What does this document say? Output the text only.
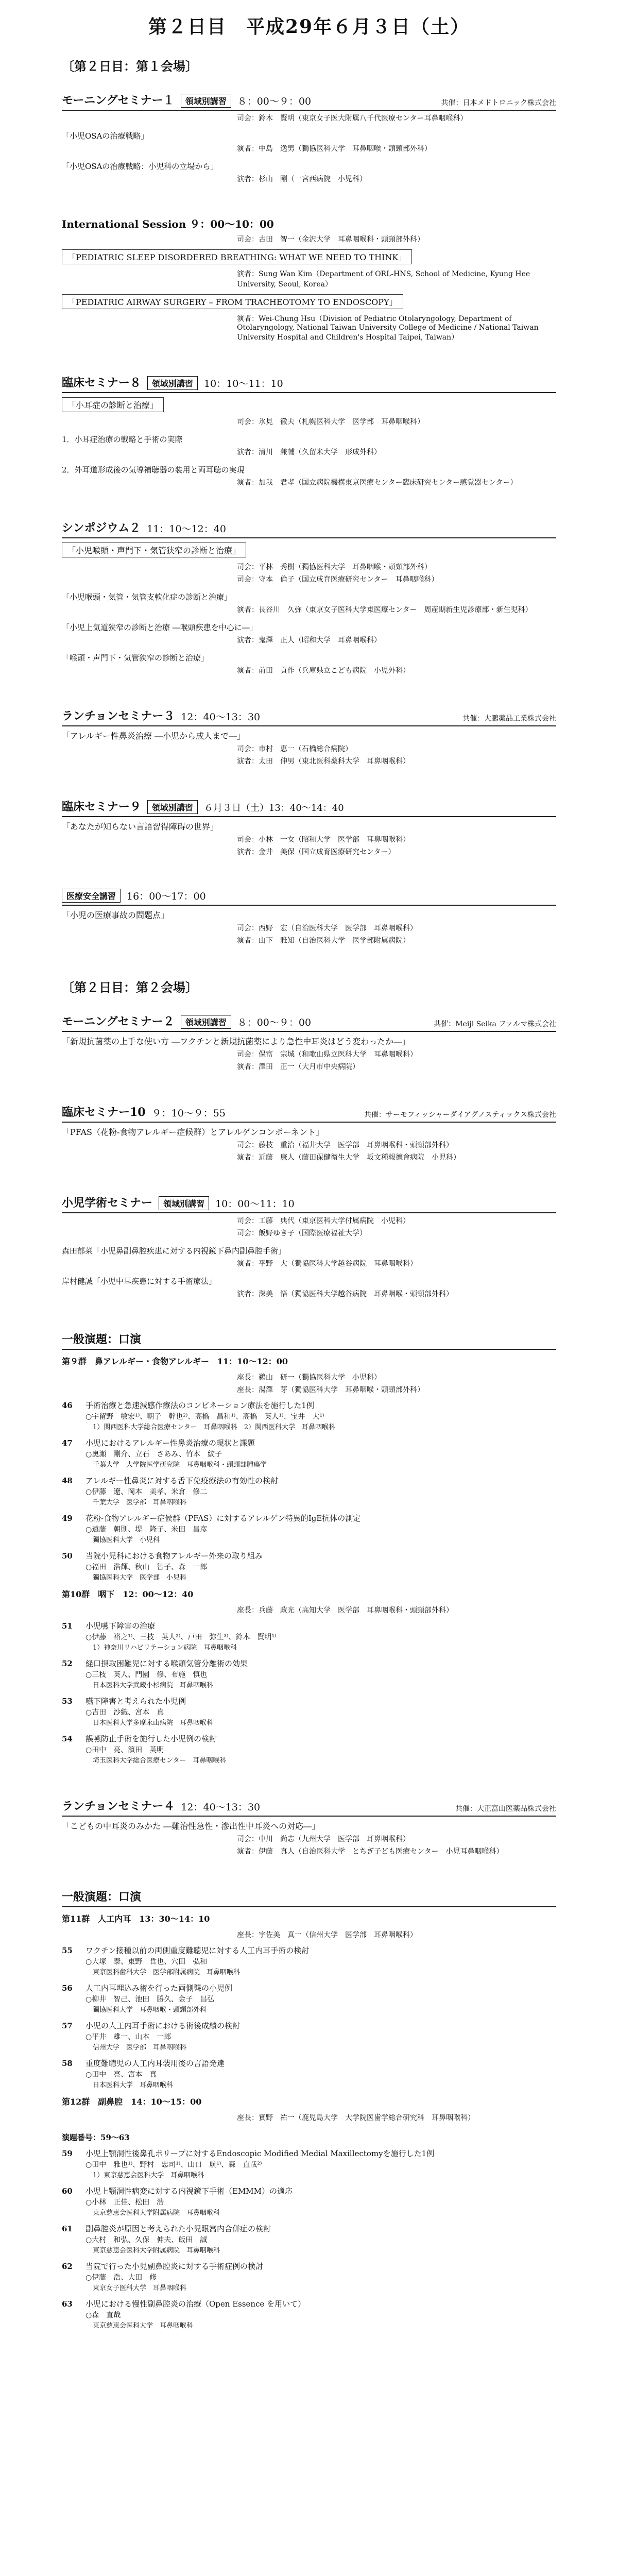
第２日目　平成29年６月３日（土）
〔第２日目：第１会場〕
モーニングセミナー１	領域別講習	８：00〜９：00	共催：日本メドトロニック株式会社
司会：鈴木　賢明（東京女子医大附属八千代医療センター耳鼻咽喉科）
「小児OSAの治療戦略」
演者：中島　逸男（獨協医科大学　耳鼻咽喉・頭頸部外科）
「小児OSAの治療戦略：小児科の立場から」
演者：杉山　剛（一宮西病院　小児科）
International Session ９：00〜10：00
司会：古田　智一（金沢大学　耳鼻咽喉科・頭頸部外科）
「PEDIATRIC SLEEP DISORDERED BREATHING: WHAT WE NEED TO THINK」
演者：Sung Wan Kim（Department of ORL-HNS, School of Medicine, Kyung Hee University, Seoul, Korea）
「PEDIATRIC AIRWAY SURGERY – FROM TRACHEOTOMY TO ENDOSCOPY」
演者：Wei-Chung Hsu（Division of Pediatric Otolaryngology, Department of Otolaryngology, National Taiwan University College of Medicine / National Taiwan University Hospital and Children's Hospital Taipei, Taiwan）
臨床セミナー８	領域別講習	10：10〜11：10
「小耳症の診断と治療」
司会：氷見　徹夫（札幌医科大学　医学部　耳鼻咽喉科）
1．小耳症治療の戦略と手術の実際
演者：清川　兼輔（久留米大学　形成外科）
2．外耳道形成後の気導補聴器の装用と両耳聴の実現
演者：加我　君孝（国立病院機構東京医療センター臨床研究センター感覚器センター）
シンポジウム２ 11：10〜12：40
「小児喉頭・声門下・気管狭窄の診断と治療」
司会：平林　秀樹（獨協医科大学　耳鼻咽喉・頭頸部外科）
司会：守本　倫子（国立成育医療研究センター　耳鼻咽喉科）
「小児喉頭・気管・気管支軟化症の診断と治療」
演者：長谷川　久弥（東京女子医科大学東医療センター　周産期新生児診療部・新生児科）
「小児上気道狭窄の診断と治療 ―喉頭疾患を中心に―」
演者：鬼澤　正人（昭和大学　耳鼻咽喉科）
「喉頭・声門下・気管狭窄の診断と治療」
演者：前田　貢作（兵庫県立こども病院　小児外科）
ランチョンセミナー３ 12：40〜13：30	共催：大鵬薬品工業株式会社
「アレルギー性鼻炎治療 ―小児から成人まで―」
司会：市村　恵一（石橋総合病院）
演者：太田　伸男（東北医科薬科大学　耳鼻咽喉科）
臨床セミナー９	領域別講習	６月３日（土）13：40〜14：40
「あなたが知らない言語習得障碍の世界」
司会：小林　一女（昭和大学　医学部　耳鼻咽喉科）
演者：金井　美保（国立成育医療研究センター）
医療安全講習	16：00〜17：00
「小児の医療事故の問題点」
司会：西野　宏（自治医科大学　医学部　耳鼻咽喉科）
演者：山下　雅知（自治医科大学　医学部附属病院）
〔第２日目：第２会場〕
モーニングセミナー２	領域別講習	８：00〜９：00	共催：Meiji Seika ファルマ株式会社
「新規抗菌薬の上手な使い方 ―ワクチンと新規抗菌薬により急性中耳炎はどう変わったか―」
司会：保富　宗城（和歌山県立医科大学　耳鼻咽喉科）
演者：澤田　正一（大月市中央病院）
臨床セミナー10 ９：10〜９：55	共催：サーモフィッシャーダイアグノスティックス株式会社
「PFAS（花粉-食物アレルギー症候群）とアレルゲンコンポーネント」
司会：藤枝　重治（福井大学　医学部　耳鼻咽喉科・頭頸部外科）
演者：近藤　康人（藤田保健衛生大学　坂文種報德會病院　小児科）
小児学術セミナー	領域別講習	10：00〜11：10
司会：工藤　典代（東京医科大学付属病院　小児科）
司会：飯野ゆき子（国際医療福祉大学）
森田郁菜「小児鼻副鼻腔疾患に対する内視鏡下鼻内副鼻腔手術」
演者：平野　大（獨協医科大学越谷病院　耳鼻咽喉科）
岸村健誠「小児中耳疾患に対する手術療法」
演者：深美　悟（獨協医科大学越谷病院　耳鼻咽喉・頭頸部外科）
一般演題：口演
第９群　鼻アレルギー・食物アレルギー　11：10〜12：00
座長：鵜山　研一（獨協医科大学　小児科）
座長：湯澤　芽（獨協医科大学　耳鼻咽喉・頭頸部外科）
46 手術治療と急速減感作療法のコンビネーション療法を施行した1例
○宇留野　敏宏¹⁾、朝子　幹也²⁾、高橋　昌和¹⁾、高橋　英人¹⁾、宝井　大¹⁾
1）関西医科大学総合医療センター　耳鼻咽喉科　2）関西医科大学　耳鼻咽喉科
47 小児におけるアレルギー性鼻炎治療の現状と課題
○奥瀬　剛介、立石　さあみ、竹本　紋子
千葉大学　大学院医学研究院　耳鼻咽喉科・頭頸部腫瘍学
48 アレルギー性鼻炎に対する舌下免疫療法の有効性の検討
○伊藤　遼、岡本　美孝、米倉　修二
千葉大学　医学部　耳鼻咽喉科
49 花粉-食物アレルギー症候群（PFAS）に対するアレルゲン特異的IgE抗体の測定
○遠藤　朝則、堤　隆子、米田　昌彦
獨協医科大学　小児科
50 当院小児科における食物アレルギー外来の取り組み
○福田　浩輝、秋山　智子、森　一郎
獨協医科大学　医学部　小児科
第10群　咽下　12：00〜12：40
座長：兵藤　政光（高知大学　医学部　耳鼻咽喉科・頭頸部外科）
51 小児嚥下障害の治療
○伊藤　裕之¹⁾、三枝　英人²⁾、戸田　弥生³⁾、鈴木　賢明¹⁾
1）神奈川リハビリテーション病院　耳鼻咽喉科
52 経口摂取困難児に対する喉頭気管分離術の効果
○三枝　英人、門園　修、布施　慎也
日本医科大学武蔵小杉病院　耳鼻咽喉科
53 嚥下障害と考えられた小児例
○吉田　沙織、宮本　真
日本医科大学多摩永山病院　耳鼻咽喉科
54 誤嚥防止手術を施行した小児例の検討
○田中　亮、濱田　英明
埼玉医科大学総合医療センター　耳鼻咽喉科
ランチョンセミナー４ 12：40〜13：30	共催：大正富山医薬品株式会社
「こどもの中耳炎のみかた ―難治性急性・滲出性中耳炎への対応―」
司会：中川　尚志（九州大学　医学部　耳鼻咽喉科）
演者：伊藤　真人（自治医科大学　とちぎ子ども医療センター　小児耳鼻咽喉科）
一般演題：口演
第11群　人工内耳　13：30〜14：10
座長：宇佐美　真一（信州大学　医学部　耳鼻咽喉科）
55 ワクチン接種以前の両側重度難聴児に対する人工内耳手術の検討
○大塚　泰、東野　哲也、穴田　弘和
東京医科歯科大学　医学部附属病院　耳鼻咽喉科
56 人工内耳埋込み術を行った両側聾の小児例
○柳井　智己、池田　勝久、金子　昌弘
獨協医科大学　耳鼻咽喉・頭頸部外科
57 小児の人工内耳手術における術後成績の検討
○平井　雄一、山本　一郎
信州大学　医学部　耳鼻咽喉科
58 重度難聴児の人工内耳装用後の言語発達
○田中　亮、宮本　真
日本医科大学　耳鼻咽喉科
第12群　副鼻腔　14：10〜15：00
座長：實野　祐一（鹿児島大学　大学院医歯学総合研究科　耳鼻咽喉科）
演題番号：59〜63
59 小児上顎洞性後鼻孔ポリープに対するEndoscopic Modified Medial Maxillectomyを施行した1例
○田中　雅也¹⁾、野村　忠司¹⁾、山口　航¹⁾、森　直哉²⁾
1）東京慈恵会医科大学　耳鼻咽喉科
60 小児上顎洞性病変に対する内視鏡下手術（EMMM）の適応
○小林　正佳、松田　浩
東京慈恵会医科大学附属病院　耳鼻咽喉科
61 副鼻腔炎が原因と考えられた小児眼窩内合併症の検討
○大村　和弘、久保　伸夫、飯田　誠
東京慈恵会医科大学附属病院　耳鼻咽喉科
62 当院で行った小児副鼻腔炎に対する手術症例の検討
○伊藤　浩、大田　修
東京女子医科大学　耳鼻咽喉科
63 小児における慢性副鼻腔炎の治療（Open Essence を用いて）
○森　直哉
東京慈恵会医科大学　耳鼻咽喉科
